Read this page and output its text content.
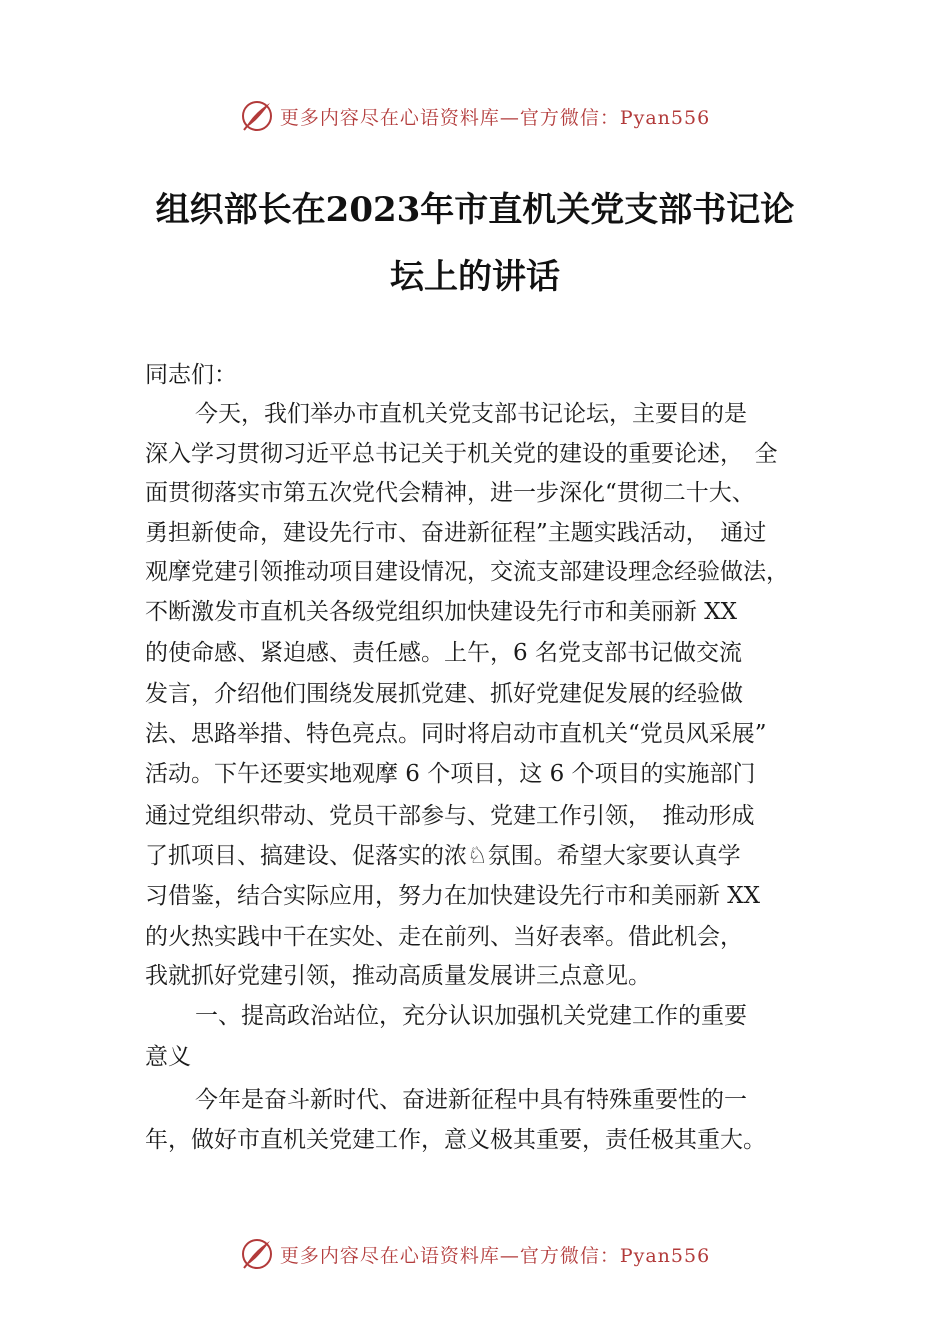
更多内容尽在心语资料库—官方微信：Pyan556
组织部长在2023年市直机关党支部书记论
坛上的讲话
同志们：
今天，我们举办市直机关党支部书记论坛，主要目的是
深入学习贯彻习近平总书记关于机关党的建设的重要论述，　全
面贯彻落实市第五次党代会精神，进一步深化“贯彻二十大、
勇担新使命，建设先行市、奋进新征程”主题实践活动，　通过
观摩党建引领推动项目建设情况，交流支部建设理念经验做法，
不断激发市直机关各级党组织加快建设先行市和美丽新 XX
的使命感、紧迫感、责任感。上午，6 名党支部书记做交流
发言，介绍他们围绕发展抓党建、抓好党建促发展的经验做
法、思路举措、特色亮点。同时将启动市直机关“党员风采展”
活动。下午还要实地观摩 6 个项目，这 6 个项目的实施部门
通过党组织带动、党员干部参与、党建工作引领，　推动形成
了抓项目、搞建设、促落实的浓♘氛围。希望大家要认真学
习借鉴，结合实际应用，努力在加快建设先行市和美丽新 XX
的火热实践中干在实处、走在前列、当好表率。借此机会，
我就抓好党建引领，推动高质量发展讲三点意见。
一、提高政治站位，充分认识加强机关党建工作的重要
意义
今年是奋斗新时代、奋进新征程中具有特殊重要性的一
年，做好市直机关党建工作，意义极其重要，责任极其重大。
更多内容尽在心语资料库—官方微信：Pyan556
